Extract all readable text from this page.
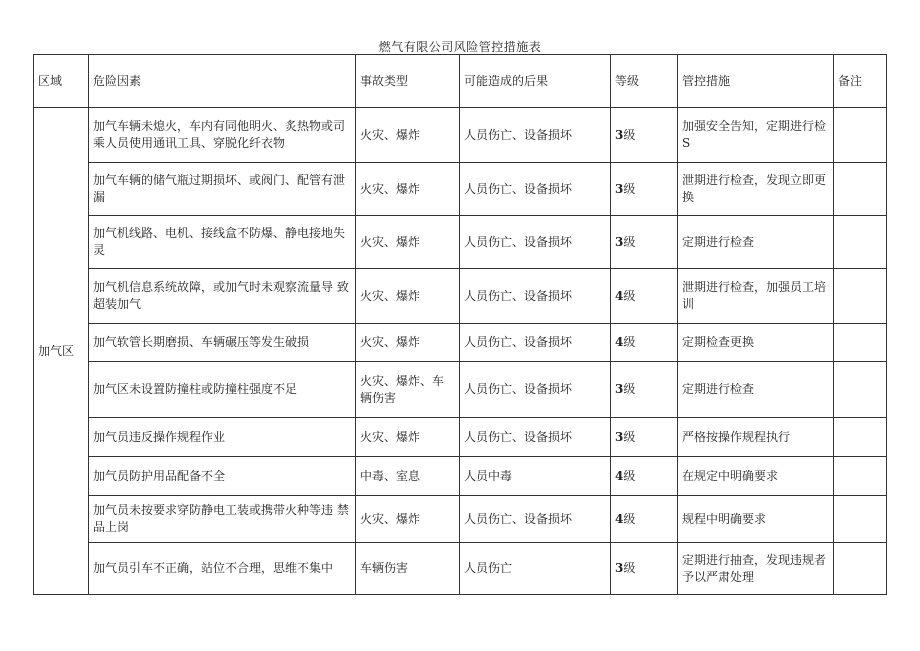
燃气有限公司风险管控措施表
区域	危险因素	事故类型	可能造成的后果	等级	管控措施	备注
加气区	加气车辆未熄火，车内有同他明火、炙热物或司乘人员使用通讯工具、穿脱化纤衣物	火灾、爆炸	人员伤亡、设备损坏	3级	加强安全告知，定期进行检S	
	加气车辆的储气瓶过期损坏、或阀门、配管有泄漏	火灾、爆炸	人员伤亡、设备损坏	3级	泄期进行检查，发现立即更换	
	加气机线路、电机、接线盒不防爆、静电接地失灵	火灾、爆炸	人员伤亡、设备损坏	3级	定期进行检查	
	加气机信息系统故障，或加气时未观察流量导 致超装加气	火灾、爆炸	人员伤亡、设备损坏	4级	泄期进行检查，加强员工培训	
	加气软管长期磨损、车辆碾压等发生破损	火灾、爆炸	人员伤亡、设备损坏	4级	定期检查更换	
	加气区未设置防撞柱或防撞柱强度不足	火灾、爆炸、车辆伤害	人员伤亡、设备损坏	3级	定期进行检查	
	加气员违反操作规程作业	火灾、爆炸	人员伤亡、设备损坏	3级	严格按操作规程执行	
	加气员防护用品配备不全	中毒、室息	人员中毒	4级	在规定中明确要求	
	加气员未按要求穿防静电工装或携带火种等违 禁品上岗	火灾、爆炸	人员伤亡、设备损坏	4级	规程中明确要求	
	加气员引车不正确，站位不合理，思维不集中	车辆伤害	人员伤亡	3级	定期进行抽查，发现违规者予以严肃处理	
